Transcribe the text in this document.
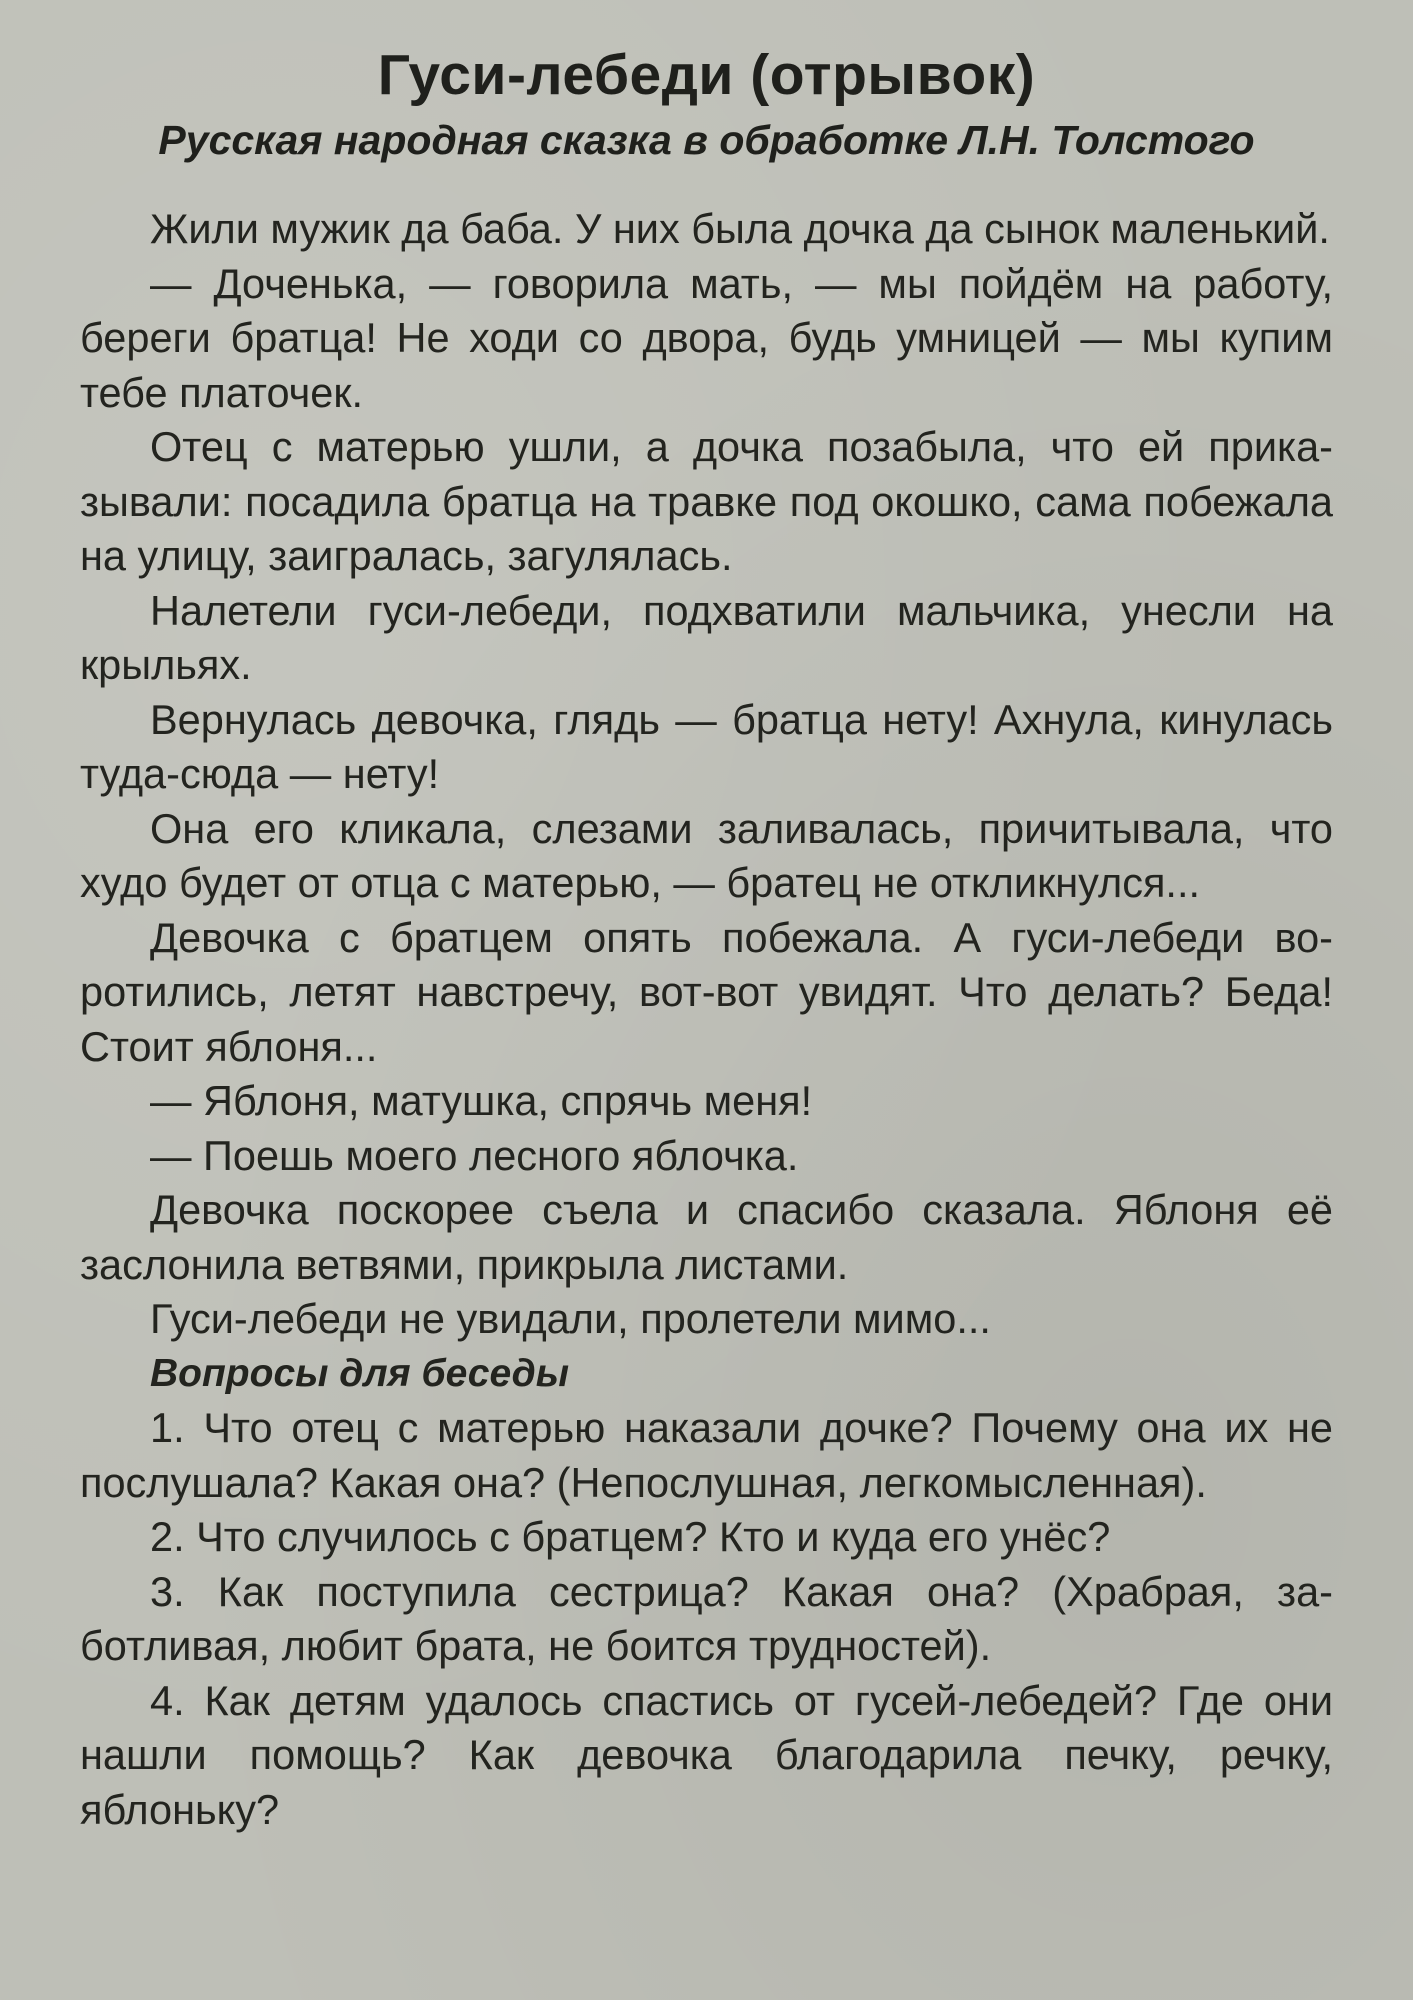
Гуси-лебеди (отрывок)
Русская народная сказка в обработке Л.Н. Толстого

Жили мужик да баба. У них была дочка да сынок маленький.

— Доченька, — говорила мать, — мы пойдём на работу, береги братца! Не ходи со двора, будь умницей — мы купим тебе платочек.

Отец с матерью ушли, а дочка позабыла, что ей приказывали: посадила братца на травке под окошко, сама побежала на улицу, заигралась, загулялась.

Налетели гуси-лебеди, подхватили мальчика, унесли на крыльях.

Вернулась девочка, глядь — братца нету! Ахнула, кинулась туда-сюда — нету!

Она его кликала, слезами заливалась, причитывала, что худо будет от отца с матерью, — братец не откликнулся...

Девочка с братцем опять побежала. А гуси-лебеди воротились, летят навстречу, вот-вот увидят. Что делать? Беда! Стоит яблоня...

— Яблоня, матушка, спрячь меня!

— Поешь моего лесного яблочка.

Девочка поскорее съела и спасибо сказала. Яблоня её заслонила ветвями, прикрыла листами.

Гуси-лебеди не увидали, пролетели мимо...

Вопросы для беседы

1. Что отец с матерью наказали дочке? Почему она их не послушала? Какая она? (Непослушная, легкомысленная).

2. Что случилось с братцем? Кто и куда его унёс?

3. Как поступила сестрица? Какая она? (Храбрая, заботливая, любит брата, не боится трудностей).

4. Как детям удалось спастись от гусей-лебедей? Где они нашли помощь? Как девочка благодарила печку, речку, яблоньку?
